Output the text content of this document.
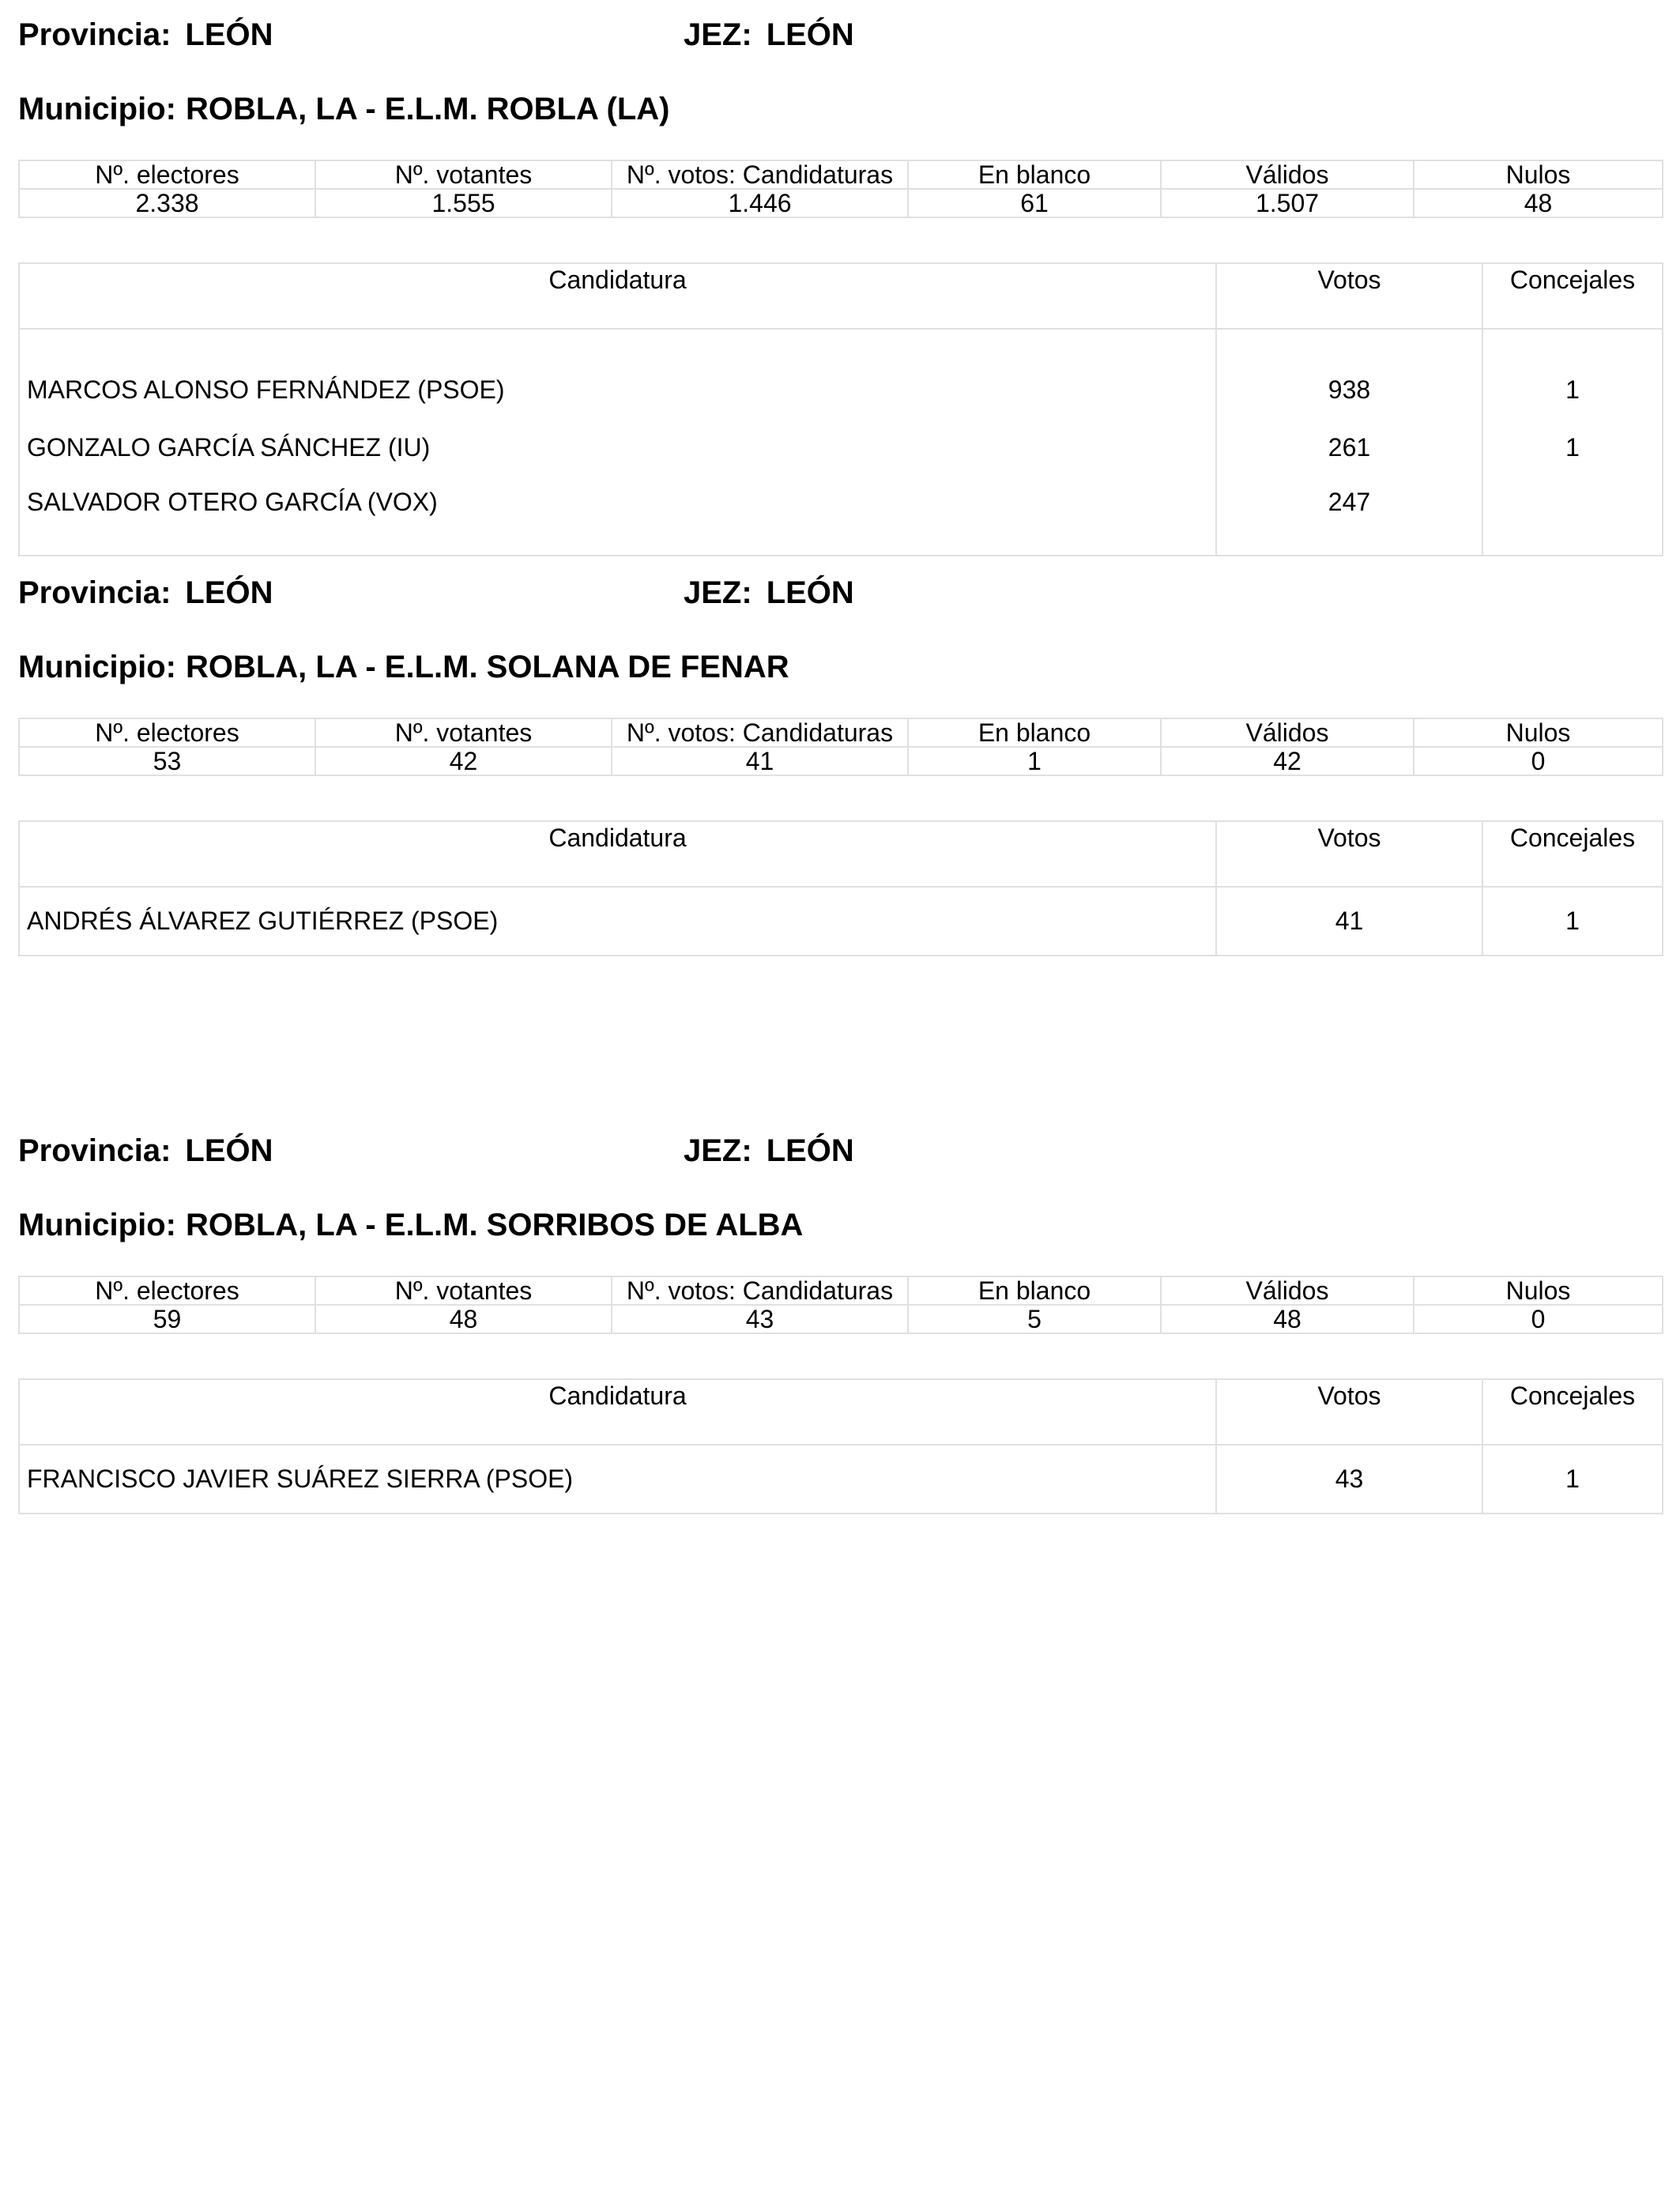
Provincia: LEÓN	JEZ: LEÓN
Municipio: ROBLA, LA - E.L.M. ROBLA (LA)
Nº. electores	Nº. votantes	Nº. votos: Candidaturas	En blanco	Válidos	Nulos
2.338	1.555	1.446	61	1.507	48
Candidatura	Votos	Concejales
MARCOS ALONSO FERNÁNDEZ (PSOE)	938	1
GONZALO GARCÍA SÁNCHEZ (IU)	261	1
SALVADOR OTERO GARCÍA (VOX)	247	
Provincia: LEÓN	JEZ: LEÓN
Municipio: ROBLA, LA - E.L.M. SOLANA DE FENAR
Nº. electores	Nº. votantes	Nº. votos: Candidaturas	En blanco	Válidos	Nulos
53	42	41	1	42	0
Candidatura	Votos	Concejales
ANDRÉS ÁLVAREZ GUTIÉRREZ (PSOE)	41	1
Provincia: LEÓN	JEZ: LEÓN
Municipio: ROBLA, LA - E.L.M. SORRIBOS DE ALBA
Nº. electores	Nº. votantes	Nº. votos: Candidaturas	En blanco	Válidos	Nulos
59	48	43	5	48	0
Candidatura	Votos	Concejales
FRANCISCO JAVIER SUÁREZ SIERRA (PSOE)	43	1
